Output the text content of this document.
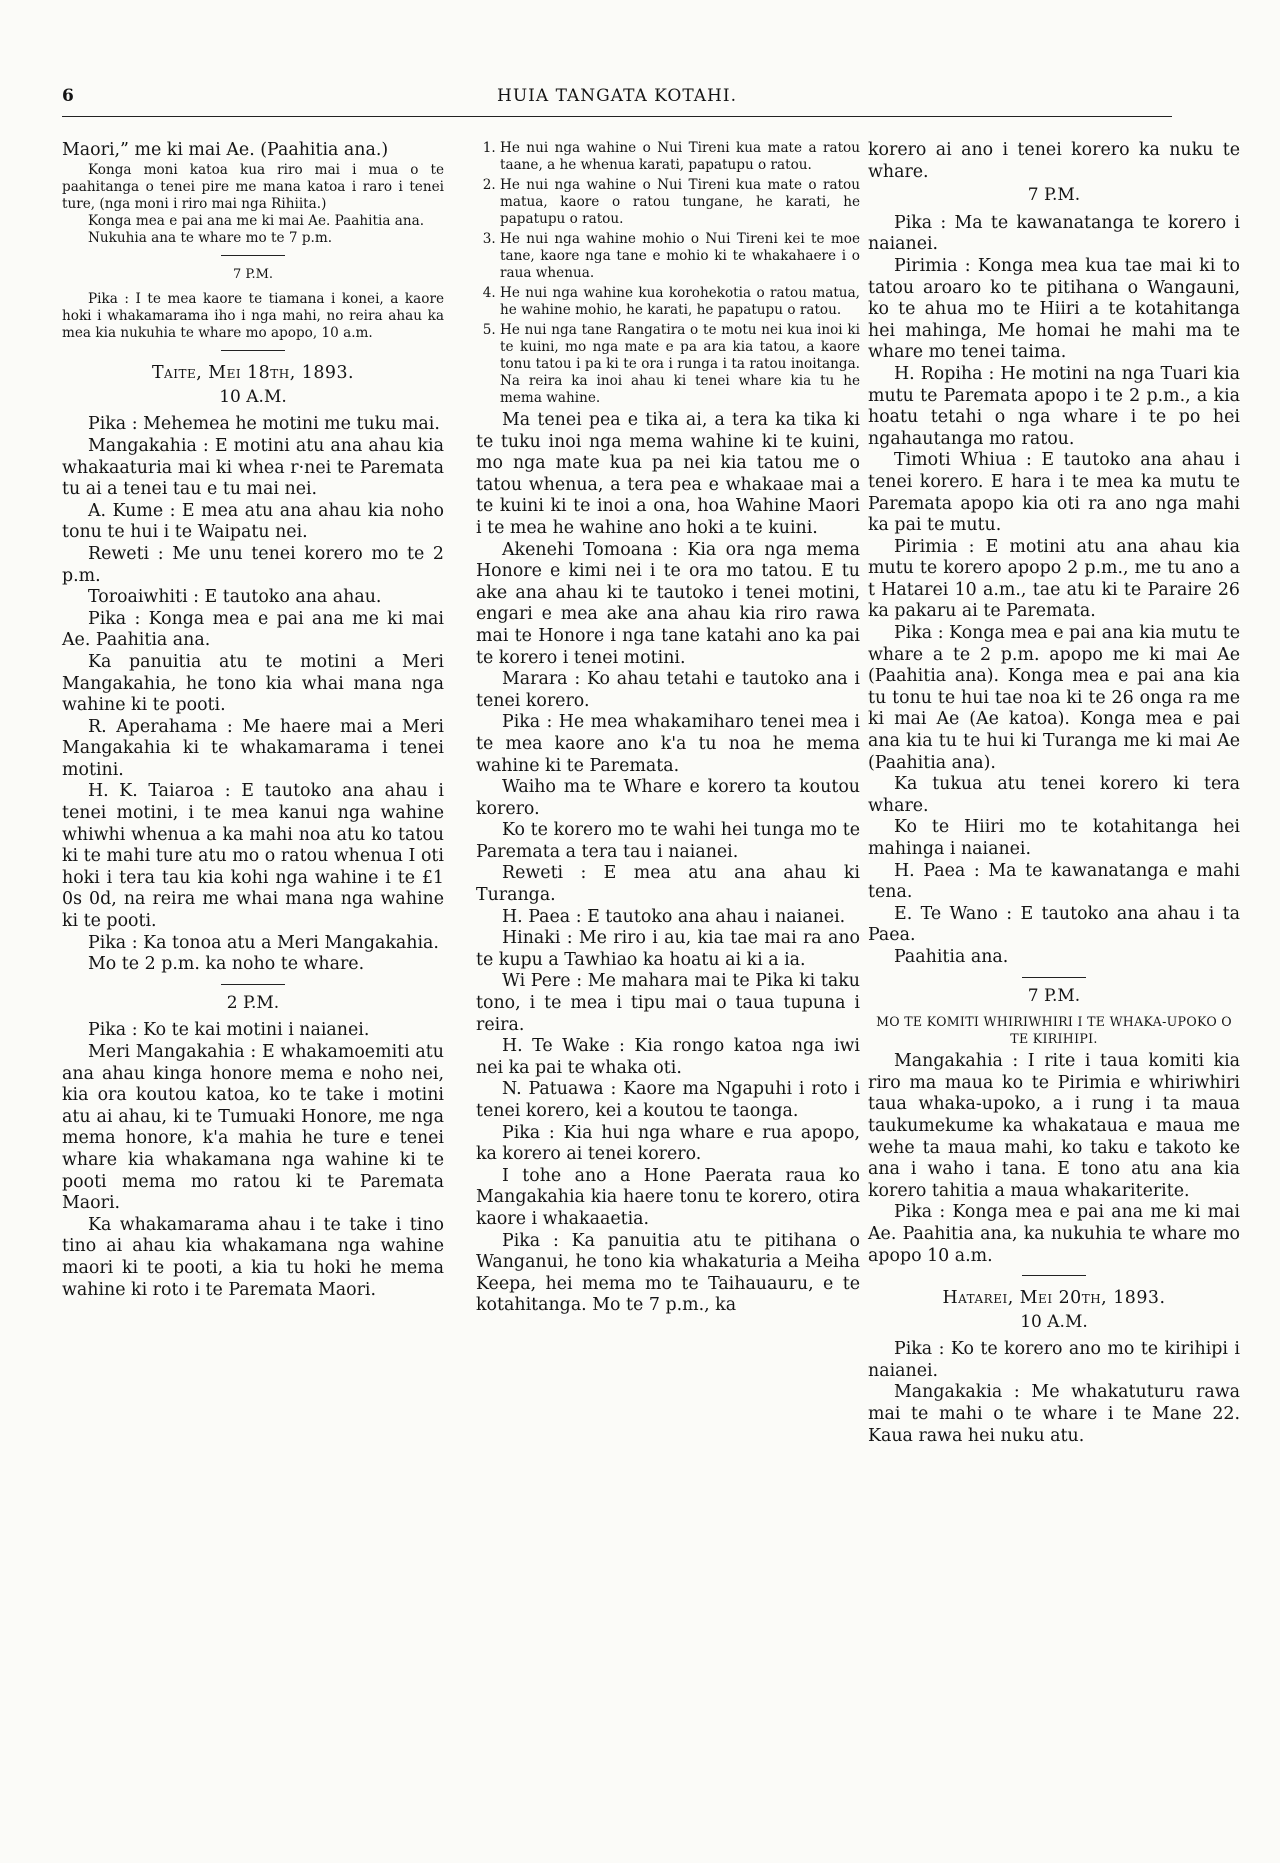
6	HUIA TANGATA KOTAHI.

Maori,” me ki mai Ae. (Paahitia ana.)

Konga moni katoa kua riro mai i mua o te paahitanga o tenei pire me mana katoa i raro i tenei ture, (nga moni i riro mai nga Rihiita.)

Konga mea e pai ana me ki mai Ae. Paahitia ana.

Nukuhia ana te whare mo te 7 p.m.

7 P.M.

Pika : I te mea kaore te tiamana i konei, a kaore hoki i whakamarama iho i nga mahi, no reira ahau ka mea kia nukuhia te whare mo apopo, 10 a.m.

Taite, Mei 18th, 1893.
10 A.M.

Pika : Mehemea he motini me tuku mai.

Mangakahia : E motini atu ana ahau kia whakaaturia mai ki whea r·nei te Paremata tu ai a tenei tau e tu mai nei.

A. Kume : E mea atu ana ahau kia noho tonu te hui i te Waipatu nei.

Reweti : Me unu tenei korero mo te 2 p.m.

Toroaiwhiti : E tautoko ana ahau.

Pika : Konga mea e pai ana me ki mai Ae. Paahitia ana.

Ka panuitia atu te motini a Meri Mangakahia, he tono kia whai mana nga wahine ki te pooti.

R. Aperahama : Me haere mai a Meri Mangakahia ki te whakamarama i tenei motini.

H. K. Taiaroa : E tautoko ana ahau i tenei motini, i te mea kanui nga wahine whiwhi whenua a ka mahi noa atu ko tatou ki te mahi ture atu mo o ratou whenua I oti hoki i tera tau kia kohi nga wahine i te £1 0s 0d, na reira me whai mana nga wahine ki te pooti.

Pika : Ka tonoa atu a Meri Mangakahia.

Mo te 2 p.m. ka noho te whare.

2 P.M.

Pika : Ko te kai motini i naianei.

Meri Mangakahia : E whakamoemiti atu ana ahau kinga honore mema e noho nei, kia ora koutou katoa, ko te take i motini atu ai ahau, ki te Tumuaki Honore, me nga mema honore, k'a mahia he ture e tenei whare kia whakamana nga wahine ki te pooti mema mo ratou ki te Paremata Maori.

Ka whakamarama ahau i te take i tino tino ai ahau kia whakamana nga wahine maori ki te pooti, a kia tu hoki he mema wahine ki roto i te Paremata Maori.

1. He nui nga wahine o Nui Tireni kua mate a ratou taane, a he whenua karati, papatupu o ratou.
2. He nui nga wahine o Nui Tireni kua mate o ratou matua, kaore o ratou tungane, he karati, he papatupu o ratou.
3. He nui nga wahine mohio o Nui Tireni kei te moe tane, kaore nga tane e mohio ki te whakahaere i o raua whenua.
4. He nui nga wahine kua korohekotia o ratou matua, he wahine mohio, he karati, he papatupu o ratou.
5. He nui nga tane Rangatira o te motu nei kua inoi ki te kuini, mo nga mate e pa ara kia tatou, a kaore tonu tatou i pa ki te ora i runga i ta ratou inoitanga. Na reira ka inoi ahau ki tenei whare kia tu he mema wahine.

Ma tenei pea e tika ai, a tera ka tika ki te tuku inoi nga mema wahine ki te kuini, mo nga mate kua pa nei kia tatou me o tatou whenua, a tera pea e whakaae mai a te kuini ki te inoi a ona, hoa Wahine Maori i te mea he wahine ano hoki a te kuini.

Akenehi Tomoana : Kia ora nga mema Honore e kimi nei i te ora mo tatou. E tu ake ana ahau ki te tautoko i tenei motini, engari e mea ake ana ahau kia riro rawa mai te Honore i nga tane katahi ano ka pai te korero i tenei motini.

Marara : Ko ahau tetahi e tautoko ana i tenei korero.

Pika : He mea whakamiharo tenei mea i te mea kaore ano k'a tu noa he mema wahine ki te Paremata.

Waiho ma te Whare e korero ta koutou korero.

Ko te korero mo te wahi hei tunga mo te Paremata a tera tau i naianei.

Reweti : E mea atu ana ahau ki Turanga.

H. Paea : E tautoko ana ahau i naianei.

Hinaki : Me riro i au, kia tae mai ra ano te kupu a Tawhiao ka hoatu ai ki a ia.

Wi Pere : Me mahara mai te Pika ki taku tono, i te mea i tipu mai o taua tupuna i reira.

H. Te Wake : Kia rongo katoa nga iwi nei ka pai te whaka oti.

N. Patuawa : Kaore ma Ngapuhi i roto i tenei korero, kei a koutou te taonga.

Pika : Kia hui nga whare e rua apopo, ka korero ai tenei korero.

I tohe ano a Hone Paerata raua ko Mangakahia kia haere tonu te korero, otira kaore i whakaaetia.

Pika : Ka panuitia atu te pitihana o Wanganui, he tono kia whakaturia a Meiha Keepa, hei mema mo te Taihauauru, e te kotahitanga. Mo te 7 p.m., ka

korero ai ano i tenei korero ka nuku te whare.

7 P.M.

Pika : Ma te kawanatanga te korero i naianei.

Pirimia : Konga mea kua tae mai ki to tatou aroaro ko te pitihana o Wangauni, ko te ahua mo te Hiiri a te kotahitanga hei mahinga, Me homai he mahi ma te whare mo tenei taima.

H. Ropiha : He motini na nga Tuari kia mutu te Paremata apopo i te 2 p.m., a kia hoatu tetahi o nga whare i te po hei ngahautanga mo ratou.

Timoti Whiua : E tautoko ana ahau i tenei korero. E hara i te mea ka mutu te Paremata apopo kia oti ra ano nga mahi ka pai te mutu.

Pirimia : E motini atu ana ahau kia mutu te korero apopo 2 p.m., me tu ano a t Hatarei 10 a.m., tae atu ki te Paraire 26 ka pakaru ai te Paremata.

Pika : Konga mea e pai ana kia mutu te whare a te 2 p.m. apopo me ki mai Ae (Paahitia ana). Konga mea e pai ana kia tu tonu te hui tae noa ki te 26 onga ra me ki mai Ae (Ae katoa). Konga mea e pai ana kia tu te hui ki Turanga me ki mai Ae (Paahitia ana).

Ka tukua atu tenei korero ki tera whare.

Ko te Hiiri mo te kotahitanga hei mahinga i naianei.

H. Paea : Ma te kawanatanga e mahi tena.

E. Te Wano : E tautoko ana ahau i ta Paea.

Paahitia ana.

7 P.M.
MO TE KOMITI WHIRIWHIRI I TE WHAKA-UPOKO O TE KIRIHIPI.

Mangakahia : I rite i taua komiti kia riro ma maua ko te Pirimia e whiriwhiri taua whaka-upoko, a i rung i ta maua taukumekume ka whakataua e maua me wehe ta maua mahi, ko taku e takoto ke ana i waho i tana. E tono atu ana kia korero tahitia a maua whakariterite.

Pika : Konga mea e pai ana me ki mai Ae. Paahitia ana, ka nukuhia te whare mo apopo 10 a.m.

Hatarei, Mei 20th, 1893.
10 A.M.

Pika : Ko te korero ano mo te kirihipi i naianei.

Mangakakia : Me whakatuturu rawa mai te mahi o te whare i te Mane 22. Kaua rawa hei nuku atu.
